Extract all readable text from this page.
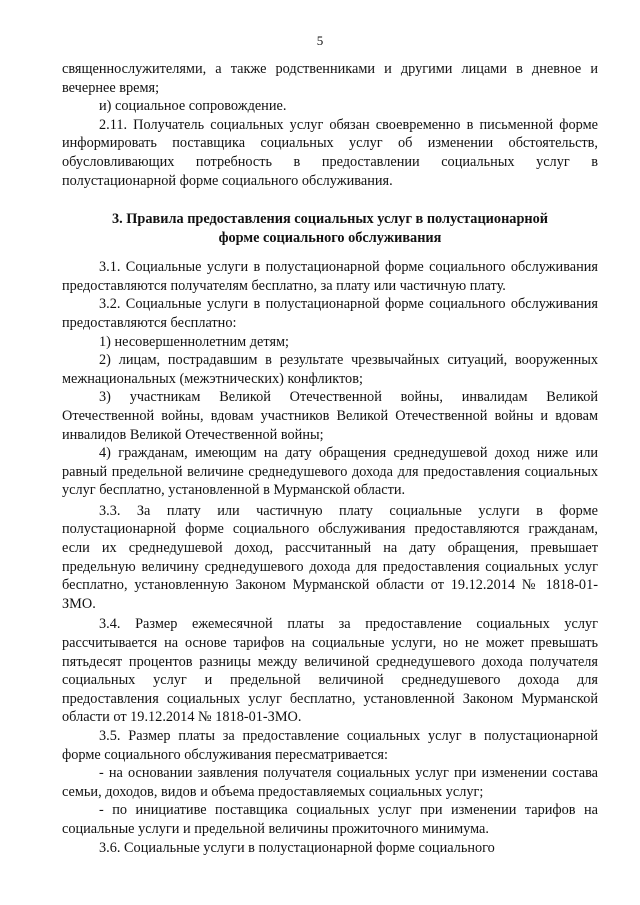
5

священнослужителями, а также родственниками и другими лицами в дневное и вечернее время;

и) социальное сопровождение.

2.11. Получатель социальных услуг обязан своевременно в письменной форме информировать поставщика социальных услуг об изменении обстоятельств, обусловливающих потребность в предоставлении социальных услуг в полустационарной форме социального обслуживания.

3. Правила предоставления социальных услуг в полустационарной
форме социального обслуживания

3.1. Социальные услуги в полустационарной форме социального обслуживания предоставляются получателям бесплатно, за плату или частичную плату.

3.2. Социальные услуги в полустационарной форме социального обслуживания предоставляются бесплатно:

1) несовершеннолетним детям;

2) лицам, пострадавшим в результате чрезвычайных ситуаций, вооруженных межнациональных (межэтнических) конфликтов;

3) участникам Великой Отечественной войны, инвалидам Великой Отечественной войны, вдовам участников Великой Отечественной войны и вдовам инвалидов Великой Отечественной войны;

4) гражданам, имеющим на дату обращения среднедушевой доход ниже или равный предельной величине среднедушевого дохода для предоставления социальных услуг бесплатно, установленной в Мурманской области.

3.3. За плату или частичную плату социальные услуги в форме полустационарной форме социального обслуживания предоставляются гражданам, если их среднедушевой доход, рассчитанный на дату обращения, превышает предельную величину среднедушевого дохода для предоставления социальных услуг бесплатно, установленную Законом Мурманской области от 19.12.2014 № 1818-01-ЗМО.

3.4. Размер ежемесячной платы за предоставление социальных услуг рассчитывается на основе тарифов на социальные услуги, но не может превышать пятьдесят процентов разницы между величиной среднедушевого дохода получателя социальных услуг и предельной величиной среднедушевого дохода для предоставления социальных услуг бесплатно, установленной Законом Мурманской области от 19.12.2014 № 1818-01-ЗМО.

3.5. Размер платы за предоставление социальных услуг в полустационарной форме социального обслуживания пересматривается:

- на основании заявления получателя социальных услуг при изменении состава семьи, доходов, видов и объема предоставляемых социальных услуг;

- по инициативе поставщика социальных услуг при изменении тарифов на социальные услуги и предельной величины прожиточного минимума.

3.6. Социальные услуги в полустационарной форме социального
